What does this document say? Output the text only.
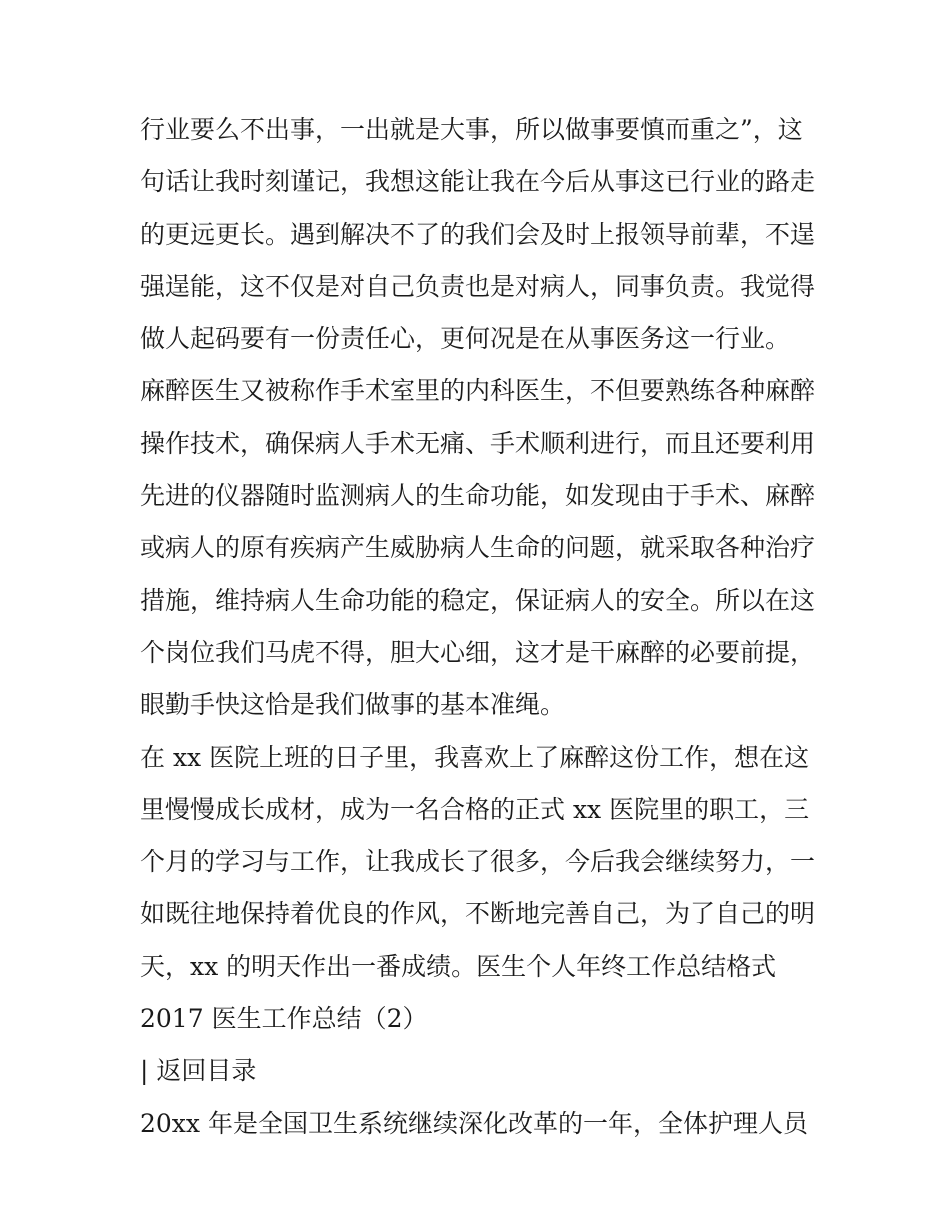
行业要么不出事，一出就是大事，所以做事要慎而重之”，这

句话让我时刻谨记，我想这能让我在今后从事这已行业的路走

的更远更长。遇到解决不了的我们会及时上报领导前辈，不逞

强逞能，这不仅是对自己负责也是对病人，同事负责。我觉得

做人起码要有一份责任心，更何况是在从事医务这一行业。

麻醉医生又被称作手术室里的内科医生，不但要熟练各种麻醉

操作技术，确保病人手术无痛、手术顺利进行，而且还要利用

先进的仪器随时监测病人的生命功能，如发现由于手术、麻醉

或病人的原有疾病产生威胁病人生命的问题，就采取各种治疗

措施，维持病人生命功能的稳定，保证病人的安全。所以在这

个岗位我们马虎不得，胆大心细，这才是干麻醉的必要前提，

眼勤手快这恰是我们做事的基本准绳。

在 xx 医院上班的日子里，我喜欢上了麻醉这份工作，想在这

里慢慢成长成材，成为一名合格的正式 xx 医院里的职工，三

个月的学习与工作，让我成长了很多，今后我会继续努力，一

如既往地保持着优良的作风，不断地完善自己，为了自己的明

天，xx 的明天作出一番成绩。医生个人年终工作总结格式

2017 医生工作总结（2）

| 返回目录

20xx 年是全国卫生系统继续深化改革的一年，全体护理人员
